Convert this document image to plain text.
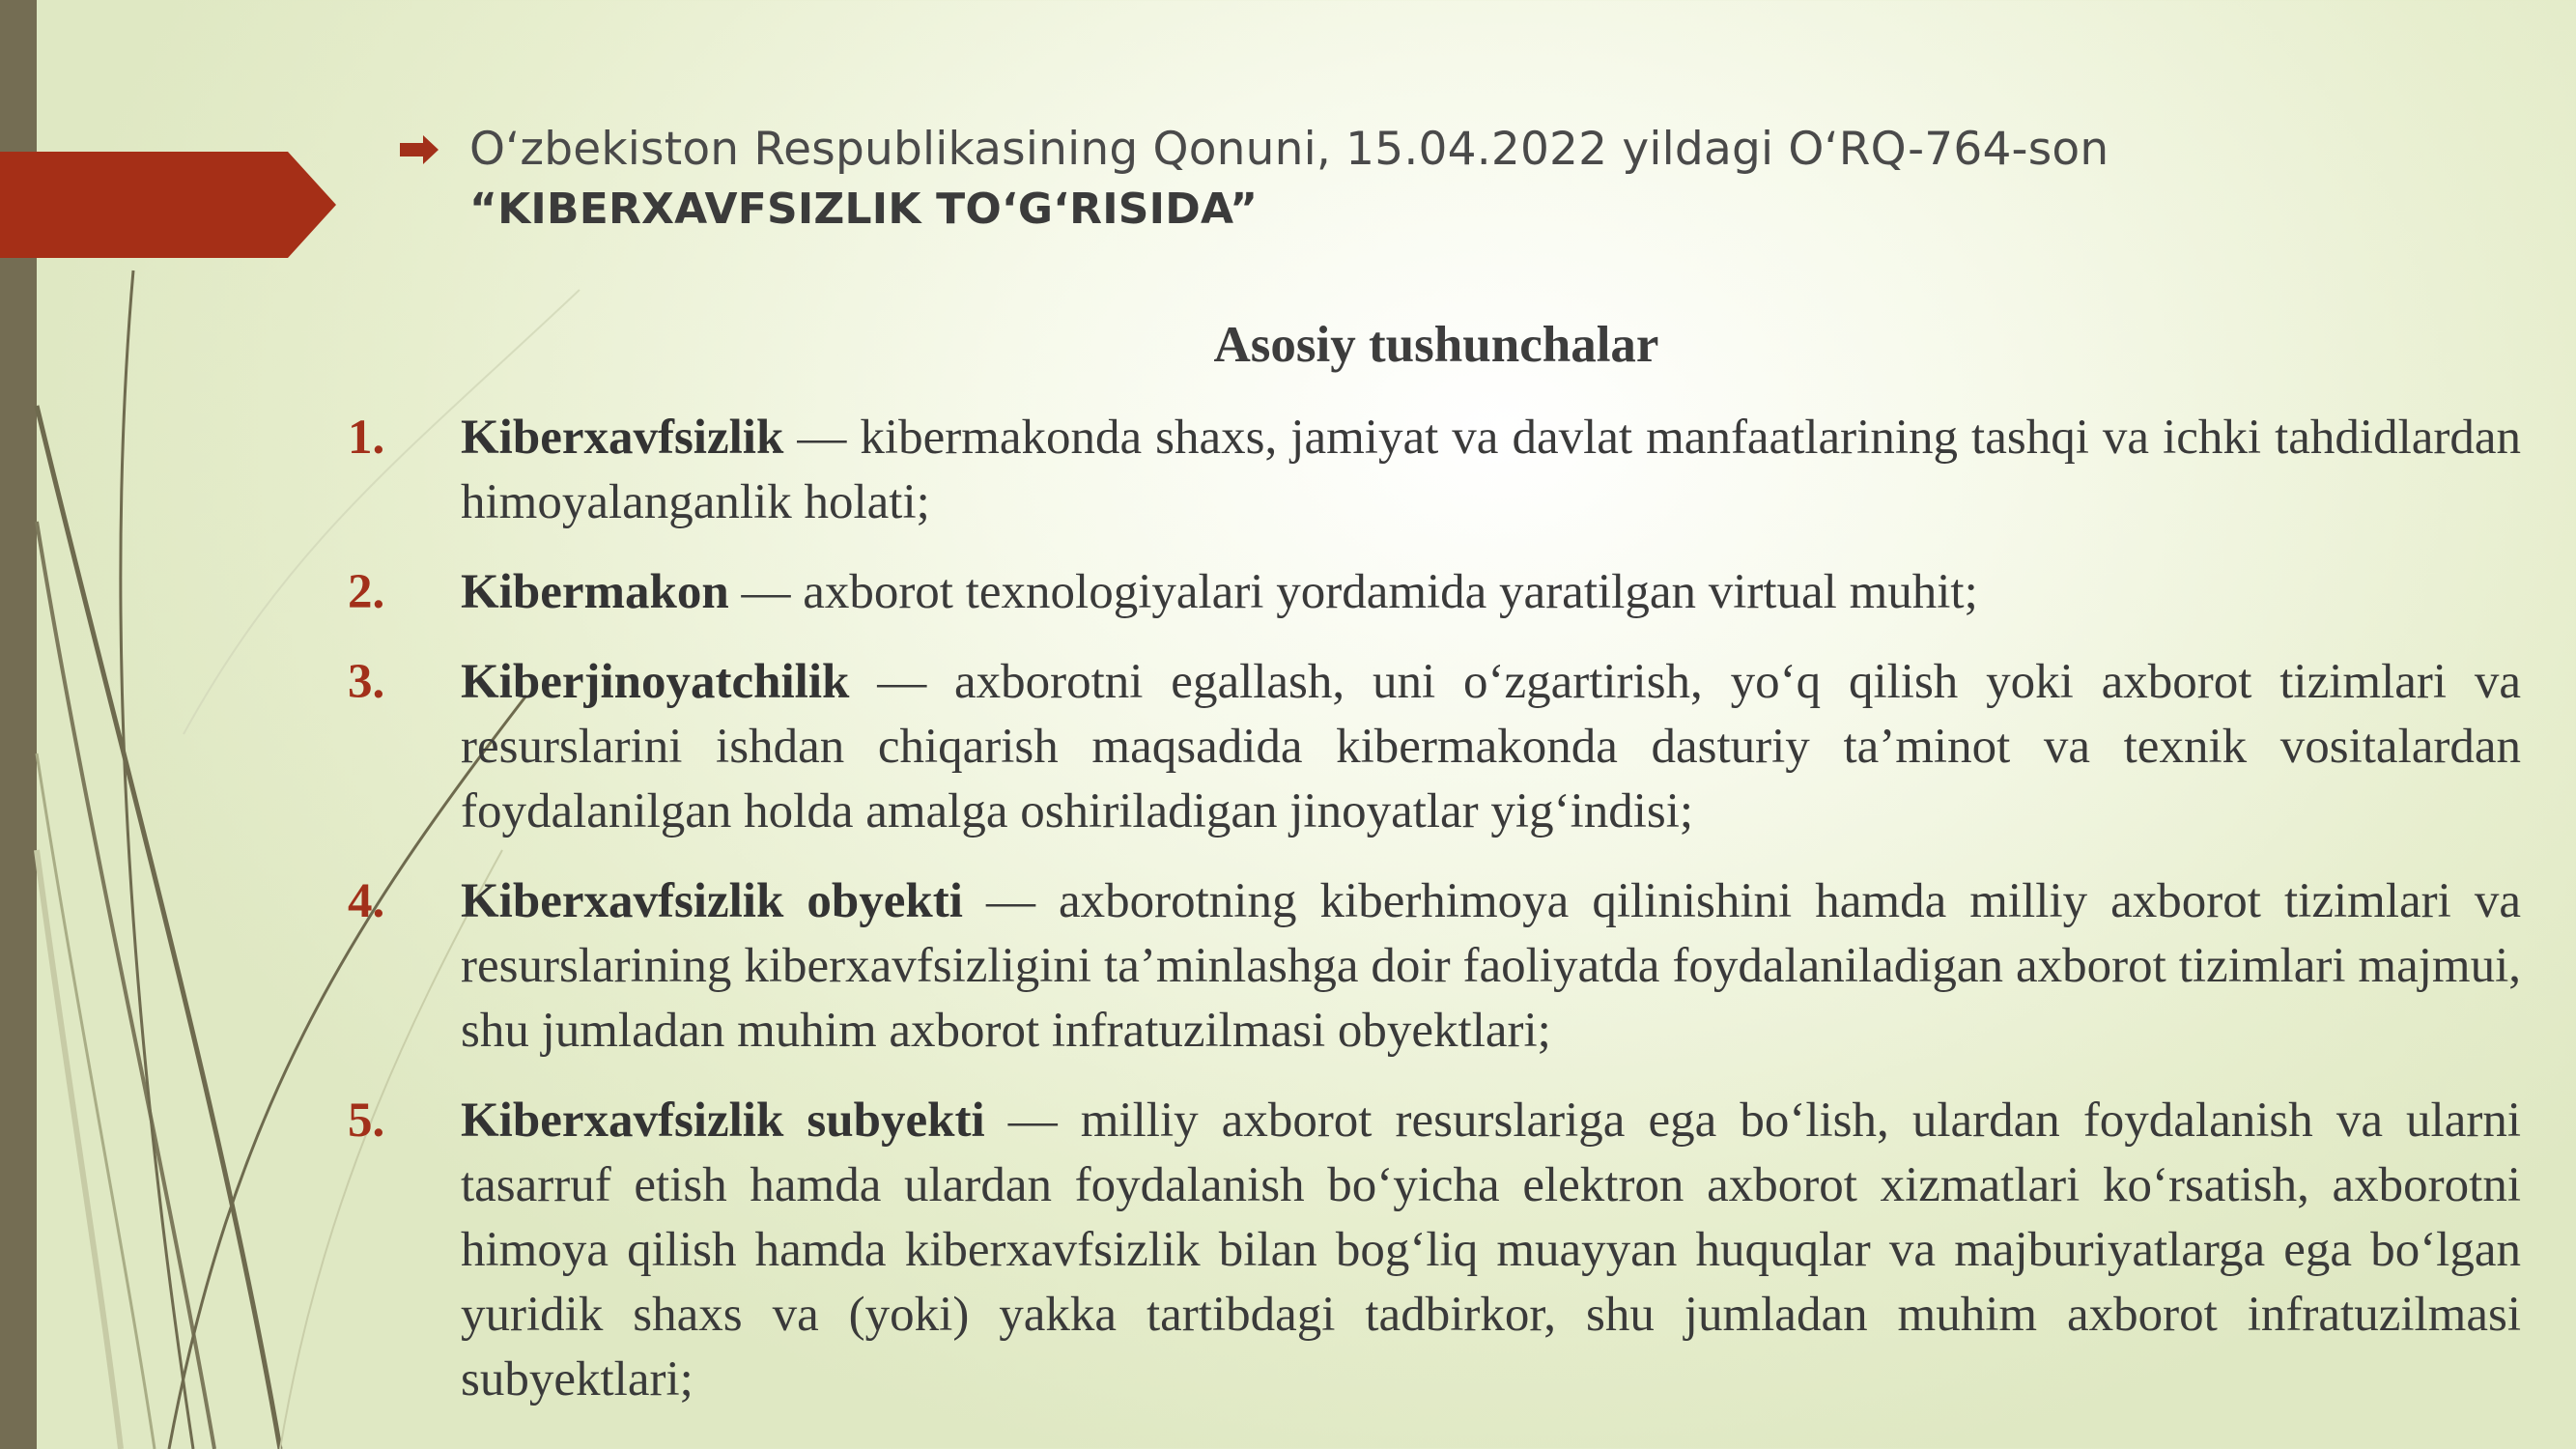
O‘zbekiston Respublikasining Qonuni, 15.04.2022 yildagi O‘RQ-764-son
“KIBERXAVFSIZLIK TO‘G‘RISIDA”
Asosiy tushunchalar
1. Kiberxavfsizlik — kibermakonda shaxs, jamiyat va davlat manfaatlarining tashqi va ichki tahdidlardan himoyalanganlik holati;
2. Kibermakon — axborot texnologiyalari yordamida yaratilgan virtual muhit;
3. Kiberjinoyatchilik — axborotni egallash, uni o‘zgartirish, yo‘q qilish yoki axborot tizimlari va resurslarini ishdan chiqarish maqsadida kibermakonda dasturiy ta’minot va texnik vositalardan foydalanilgan holda amalga oshiriladigan jinoyatlar yig‘indisi;
4. Kiberxavfsizlik obyekti — axborotning kiberhimoya qilinishini hamda milliy axborot tizimlari va resurslarining kiberxavfsizligini ta’minlashga doir faoliyatda foydalaniladigan axborot tizimlari majmui, shu jumladan muhim axborot infratuzilmasi obyektlari;
5. Kiberxavfsizlik subyekti — milliy axborot resurslariga ega bo‘lish, ulardan foydalanish va ularni tasarruf etish hamda ulardan foydalanish bo‘yicha elektron axborot xizmatlari ko‘rsatish, axborotni himoya qilish hamda kiberxavfsizlik bilan bog‘liq muayyan huquqlar va majburiyatlarga ega bo‘lgan yuridik shaxs va (yoki) yakka tartibdagi tadbirkor, shu jumladan muhim axborot infratuzilmasi subyektlari;
